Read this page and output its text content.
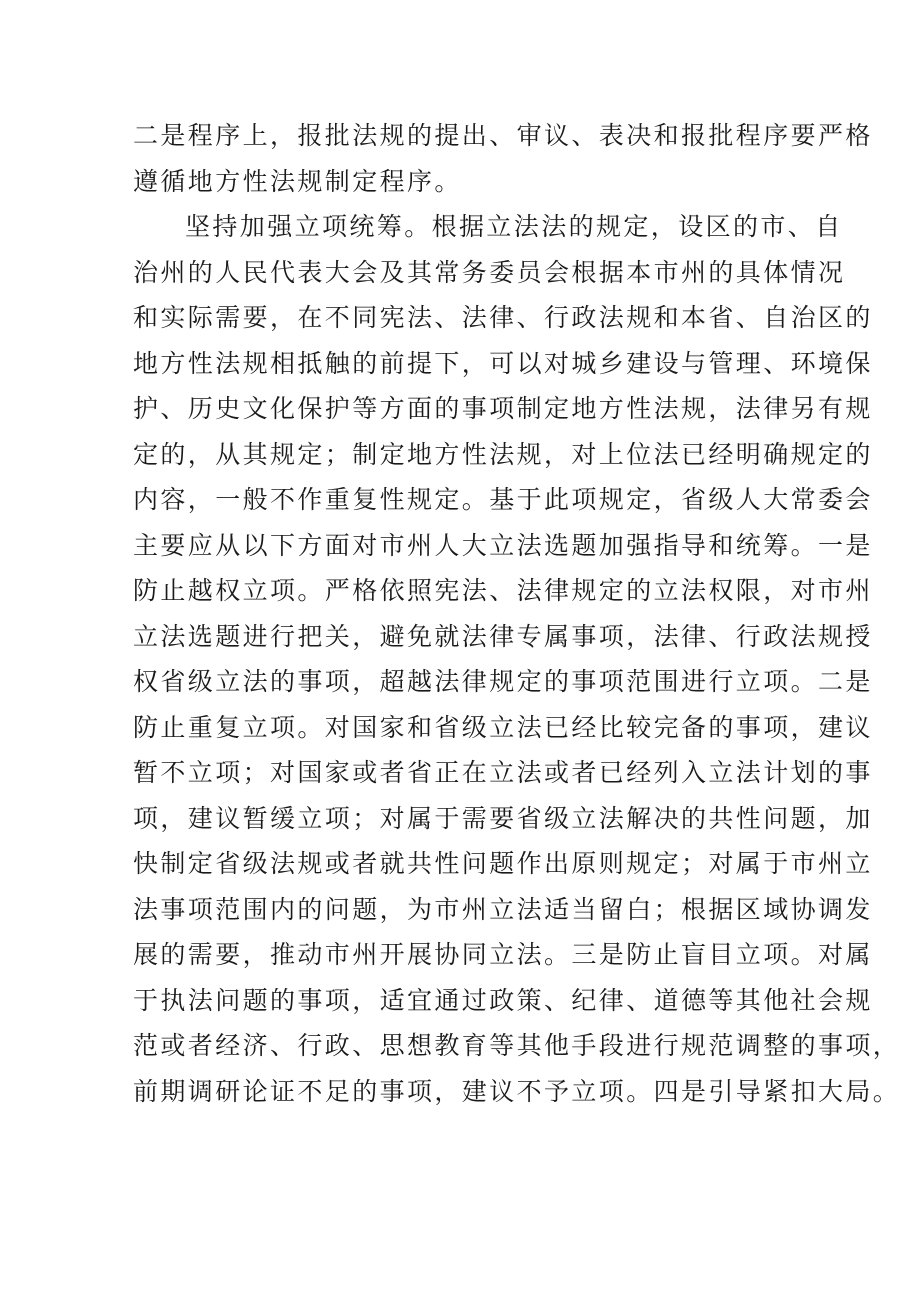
二是程序上，报批法规的提出、审议、表决和报批程序要严格
遵循地方性法规制定程序。
坚持加强立项统筹。根据立法法的规定，设区的市、自
治州的人民代表大会及其常务委员会根据本市州的具体情况
和实际需要，在不同宪法、法律、行政法规和本省、自治区的
地方性法规相抵触的前提下，可以对城乡建设与管理、环境保
护、历史文化保护等方面的事项制定地方性法规，法律另有规
定的，从其规定；制定地方性法规，对上位法已经明确规定的
内容，一般不作重复性规定。基于此项规定，省级人大常委会
主要应从以下方面对市州人大立法选题加强指导和统筹。一是
防止越权立项。严格依照宪法、法律规定的立法权限，对市州
立法选题进行把关，避免就法律专属事项，法律、行政法规授
权省级立法的事项，超越法律规定的事项范围进行立项。二是
防止重复立项。对国家和省级立法已经比较完备的事项，建议
暂不立项；对国家或者省正在立法或者已经列入立法计划的事
项，建议暂缓立项；对属于需要省级立法解决的共性问题，加
快制定省级法规或者就共性问题作出原则规定；对属于市州立
法事项范围内的问题，为市州立法适当留白；根据区域协调发
展的需要，推动市州开展协同立法。三是防止盲目立项。对属
于执法问题的事项，适宜通过政策、纪律、道德等其他社会规
范或者经济、行政、思想教育等其他手段进行规范调整的事项，
前期调研论证不足的事项，建议不予立项。四是引导紧扣大局。
